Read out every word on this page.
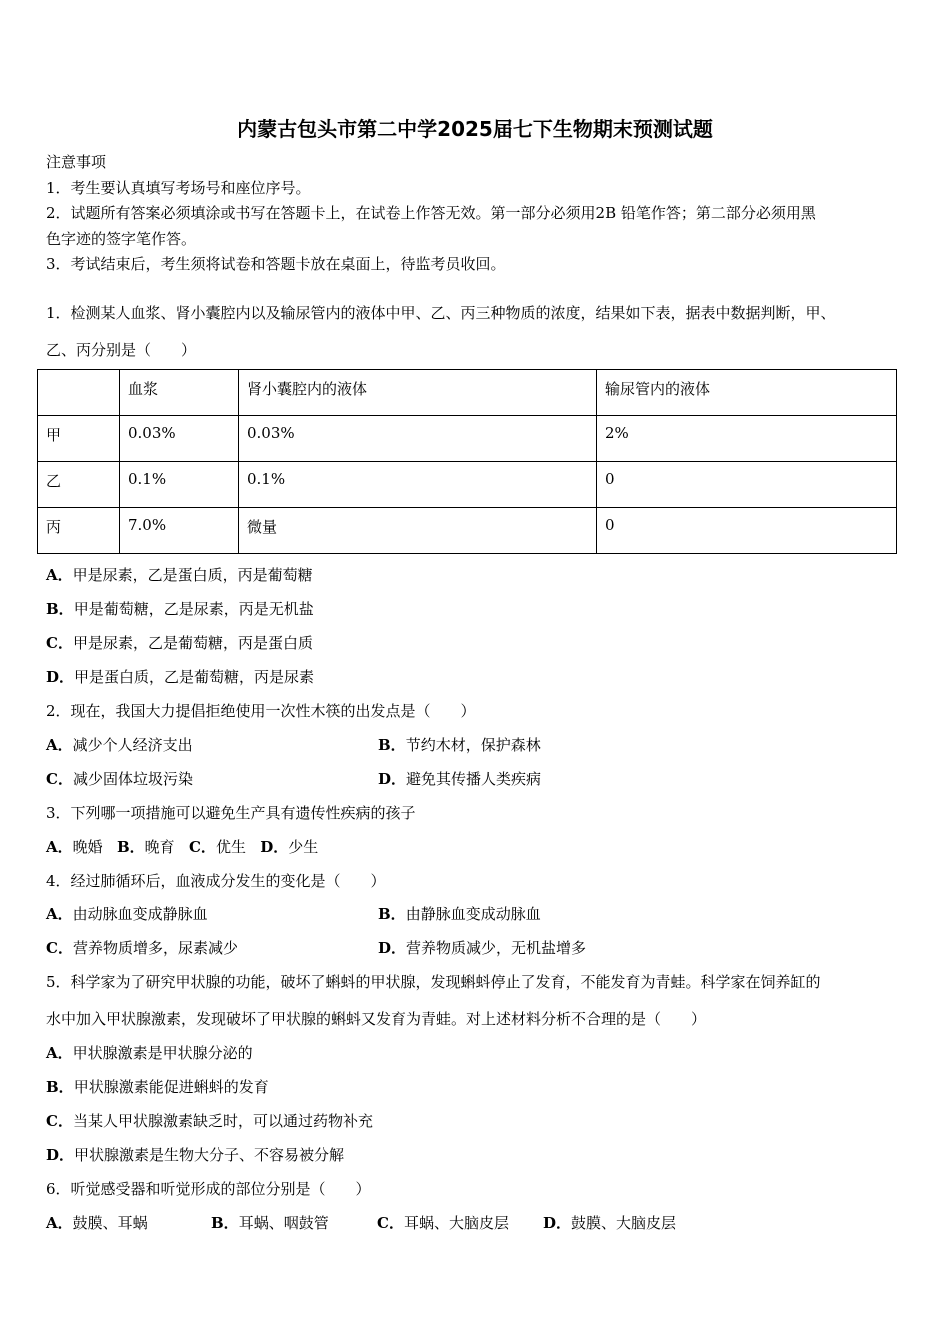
内蒙古包头市第二中学2025届七下生物期末预测试题
注意事项
1．考生要认真填写考场号和座位序号。
2．试题所有答案必须填涂或书写在答题卡上，在试卷上作答无效。第一部分必须用2B 铅笔作答；第二部分必须用黑
色字迹的签字笔作答。
3．考试结束后，考生须将试卷和答题卡放在桌面上，待监考员收回。
1．检测某人血浆、肾小囊腔内以及输尿管内的液体中甲、乙、丙三种物质的浓度，结果如下表，据表中数据判断，甲、
乙、丙分别是（　　）
	血浆	肾小囊腔内的液体	输尿管内的液体
甲	0.03%	0.03%	2%
乙	0.1%	0.1%	0
丙	7.0%	微量	0
A．甲是尿素，乙是蛋白质，丙是葡萄糖
B．甲是葡萄糖，乙是尿素，丙是无机盐
C．甲是尿素，乙是葡萄糖，丙是蛋白质
D．甲是蛋白质，乙是葡萄糖，丙是尿素
2．现在，我国大力提倡拒绝使用一次性木筷的出发点是（　　）
A．减少个人经济支出	B．节约木材，保护森林
C．减少固体垃圾污染	D．避免其传播人类疾病
3．下列哪一项措施可以避免生产具有遗传性疾病的孩子
A．晚婚 B．晚育 C．优生 D．少生
4．经过肺循环后，血液成分发生的变化是（　　）
A．由动脉血变成静脉血	B．由静脉血变成动脉血
C．营养物质增多，尿素减少	D．营养物质减少，无机盐增多
5．科学家为了研究甲状腺的功能，破坏了蝌蚪的甲状腺，发现蝌蚪停止了发育，不能发育为青蛙。科学家在饲养缸的
水中加入甲状腺激素，发现破坏了甲状腺的蝌蚪又发育为青蛙。对上述材料分析不合理的是（　　）
A．甲状腺激素是甲状腺分泌的
B．甲状腺激素能促进蝌蚪的发育
C．当某人甲状腺激素缺乏时，可以通过药物补充
D．甲状腺激素是生物大分子、不容易被分解
6．听觉感受器和听觉形成的部位分别是（　　）
A．鼓膜、耳蜗	B．耳蜗、咽鼓管	C．耳蜗、大脑皮层 D．鼓膜、大脑皮层
